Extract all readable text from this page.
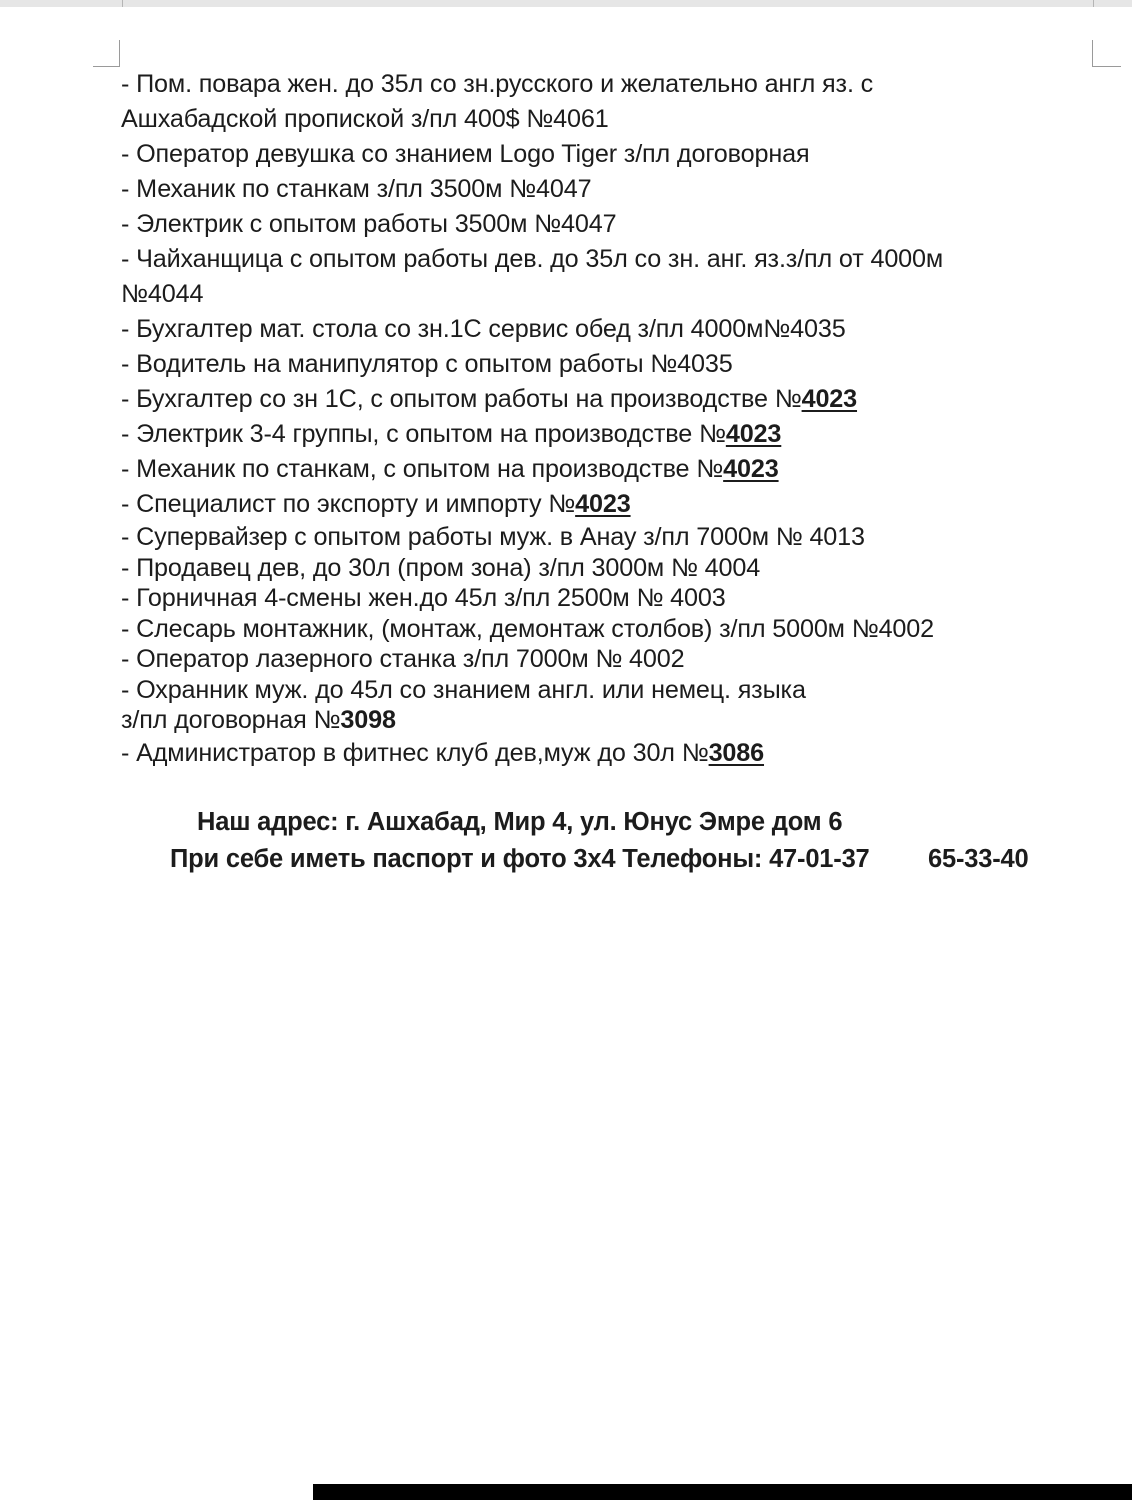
- Пом. повара жен. до 35л со зн.русского и желательно англ яз. с
Ашхабадской пропиской з/пл 400$ №4061
- Оператор девушка со знанием Logo Tiger з/пл договорная
- Механик по станкам з/пл 3500м №4047
- Электрик с опытом работы 3500м №4047
- Чайханщица с опытом работы дев. до 35л со зн. анг. яз.з/пл от 4000м
№4044
- Бухгалтер мат. стола со зн.1С сервис обед з/пл 4000м№4035
- Водитель на манипулятор с опытом работы №4035
- Бухгалтер со зн 1С, с опытом работы на производстве №4023
- Электрик 3-4 группы, с опытом на производстве №4023
- Механик по станкам, с опытом на производстве №4023
- Специалист по экспорту и импорту №4023
- Супервайзер с опытом работы муж. в Анау з/пл 7000м № 4013
- Продавец дев, до 30л (пром зона) з/пл 3000м № 4004
- Горничная 4-смены жен.до 45л з/пл 2500м № 4003
- Слесарь монтажник, (монтаж, демонтаж столбов) з/пл 5000м №4002
- Оператор лазерного станка з/пл 7000м № 4002
- Охранник муж. до 45л со знанием англ. или немец. языка
з/пл договорная №3098
- Администратор в фитнес клуб дев,муж до 30л №3086
Наш адрес: г. Ашхабад, Мир 4, ул. Юнус Эмре дом 6
При себе иметь паспорт и фото 3х4 Телефоны: 47-01-37 65-33-40
